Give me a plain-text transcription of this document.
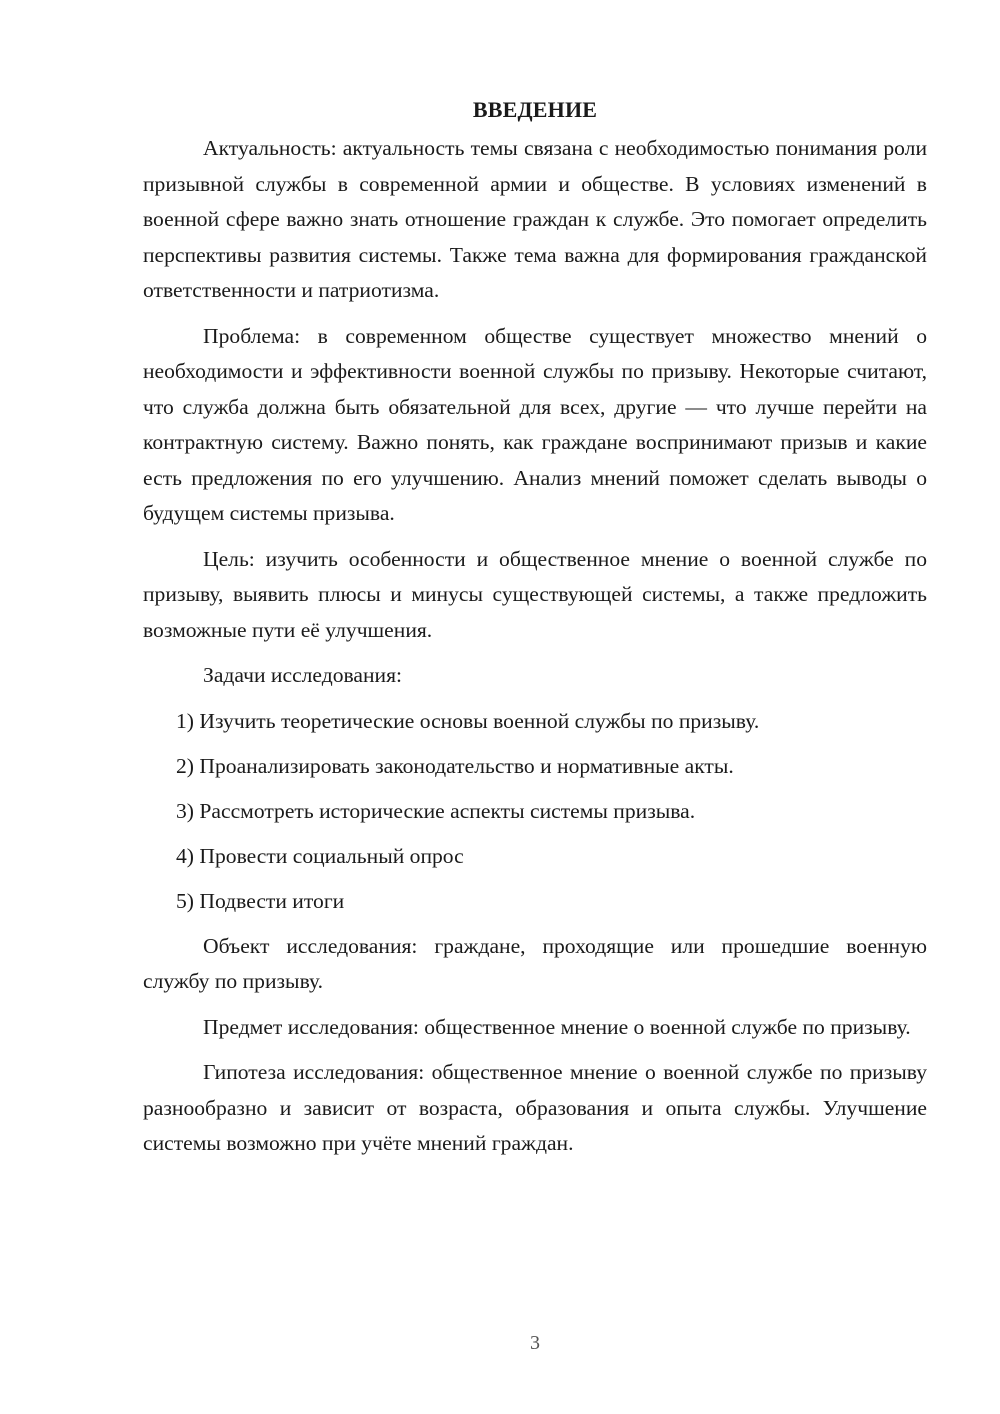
ВВЕДЕНИЕ

Актуальность: актуальность темы связана с необходимостью понимания роли призывной службы в современной армии и обществе. В условиях изменений в военной сфере важно знать отношение граждан к службе. Это помогает определить перспективы развития системы. Также тема важна для формирования гражданской ответственности и патриотизма.

Проблема: в современном обществе существует множество мнений о необходимости и эффективности военной службы по призыву. Некоторые считают, что служба должна быть обязательной для всех, другие — что лучше перейти на контрактную систему. Важно понять, как граждане воспринимают призыв и какие есть предложения по его улучшению. Анализ мнений поможет сделать выводы о будущем системы призыва.

Цель: изучить особенности и общественное мнение о военной службе по призыву, выявить плюсы и минусы существующей системы, а также предложить возможные пути её улучшения.

Задачи исследования:

1) Изучить теоретические основы военной службы по призыву.
2) Проанализировать законодательство и нормативные акты.
3) Рассмотреть исторические аспекты системы призыва.
4) Провести социальный опрос
5) Подвести итоги

Объект исследования: граждане, проходящие или прошедшие военную службу по призыву.

Предмет исследования: общественное мнение о военной службе по призыву.

Гипотеза исследования: общественное мнение о военной службе по призыву разнообразно и зависит от возраста, образования и опыта службы. Улучшение системы возможно при учёте мнений граждан.

3
